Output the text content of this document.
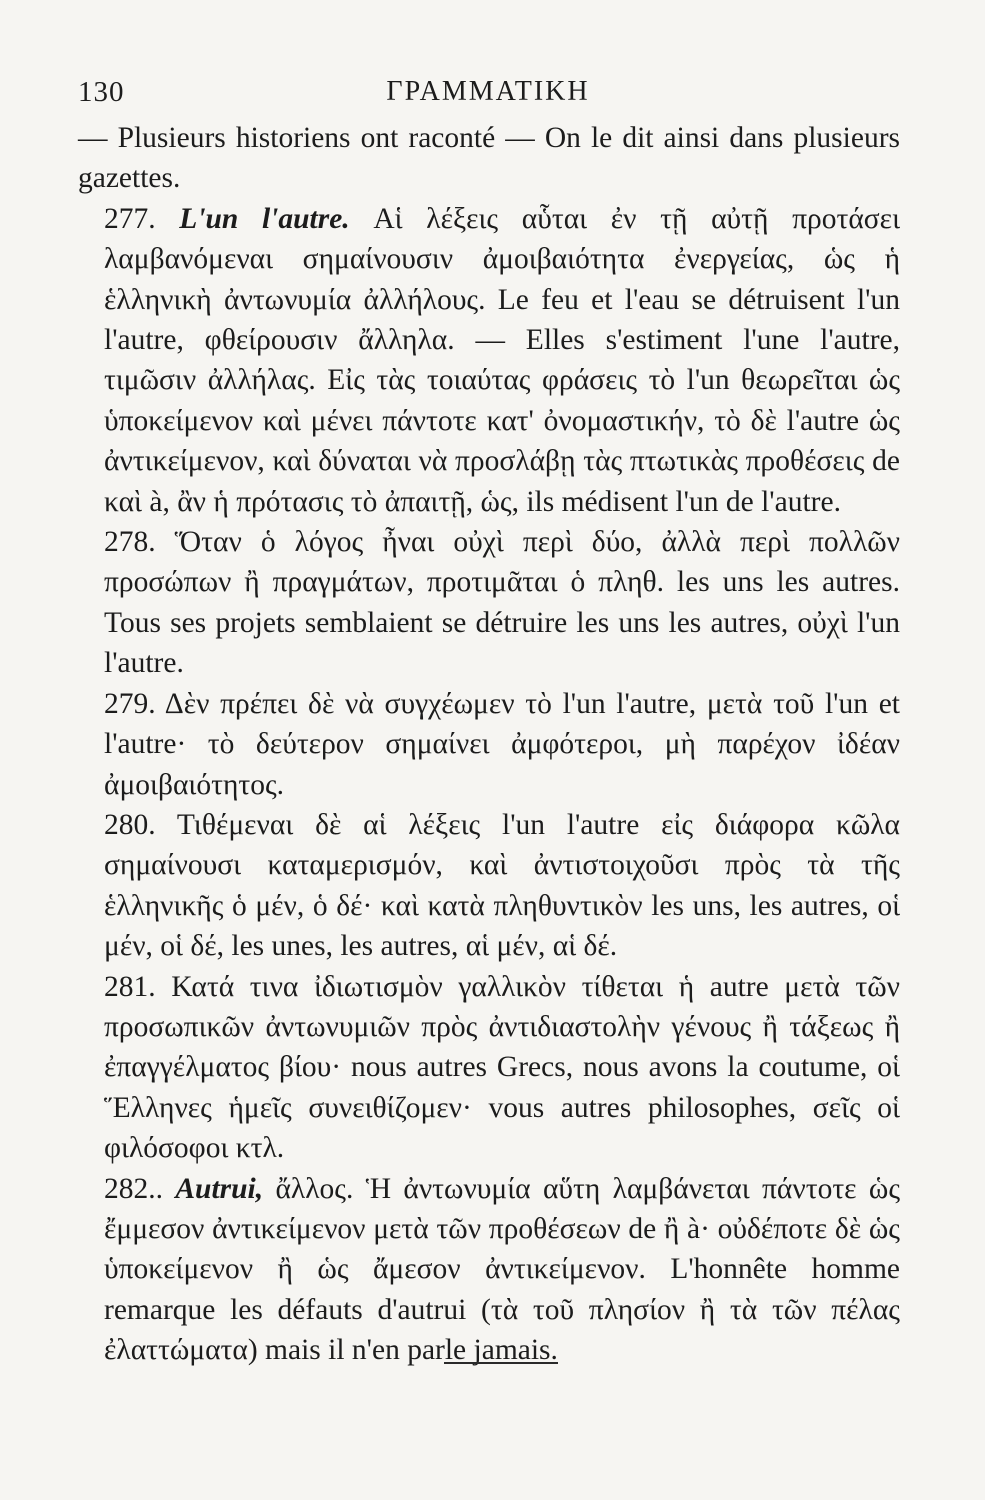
130	ΓΡΑΜΜΑΤΙΚΗ

— Plusieurs historiens ont raconté — On le dit ainsi dans plusieurs gazettes.

277. L'un l'autre. Αἱ λέξεις αὗται ἐν τῇ αὐτῇ προτάσει λαμβανόμεναι σημαίνουσιν ἀμοιβαιότητα ἐνεργείας, ὡς ἡ ἑλληνικὴ ἀντωνυμία ἀλλήλους. Le feu et l'eau se détruisent l'un l'autre, φθείρουσιν ἄλληλα. — Elles s'estiment l'une l'autre, τιμῶσιν ἀλλήλας. Εἰς τὰς τοιαύτας φράσεις τὸ l'un θεωρεῖται ὡς ὑποκείμενον καὶ μένει πάντοτε κατ' ὀνομαστικήν, τὸ δὲ l'autre ὡς ἀντικείμενον, καὶ δύναται νὰ προσλάβῃ τὰς πτωτικὰς προθέσεις de καὶ à, ἂν ἡ πρότασις τὸ ἀπαιτῇ, ὡς, ils médisent l'un de l'autre.

278. Ὅταν ὁ λόγος ἦναι οὐχὶ περὶ δύο, ἀλλὰ περὶ πολλῶν προσώπων ἢ πραγμάτων, προτιμᾶται ὁ πληθ. les uns les autres. Tous ses projets semblaient se détruire les uns les autres, οὐχὶ l'un l'autre.

279. Δὲν πρέπει δὲ νὰ συγχέωμεν τὸ l'un l'autre, μετὰ τοῦ l'un et l'autre· τὸ δεύτερον σημαίνει ἀμφότεροι, μὴ παρέχον ἰδέαν ἀμοιβαιότητος.

280. Τιθέμεναι δὲ αἱ λέξεις l'un l'autre εἰς διάφορα κῶλα σημαίνουσι καταμερισμόν, καὶ ἀντιστοιχοῦσι πρὸς τὰ τῆς ἑλληνικῆς ὁ μέν, ὁ δέ· καὶ κατὰ πληθυντικὸν les uns, les autres, οἱ μέν, οἱ δέ, les unes, les autres, αἱ μέν, αἱ δέ.

281. Κατά τινα ἰδιωτισμὸν γαλλικὸν τίθεται ἡ autre μετὰ τῶν προσωπικῶν ἀντωνυμιῶν πρὸς ἀντιδιαστολὴν γένους ἢ τάξεως ἢ ἐπαγγέλματος βίου· nous autres Grecs, nous avons la coutume, οἱ Ἕλληνες ἡμεῖς συνειθίζομεν· vous autres philosophes, σεῖς οἱ φιλόσοφοι κτλ.

282.. Autrui, ἄλλος. Ἡ ἀντωνυμία αὕτη λαμβάνεται πάντοτε ὡς ἔμμεσον ἀντικείμενον μετὰ τῶν προθέσεων de ἢ à· οὐδέποτε δὲ ὡς ὑποκείμενον ἢ ὡς ἄμεσον ἀντικείμενον. L'honnête homme remarque les défauts d'autrui (τὰ τοῦ πλησίον ἢ τὰ τῶν πέλας ἐλαττώματα) mais il n'en parle jamais.
